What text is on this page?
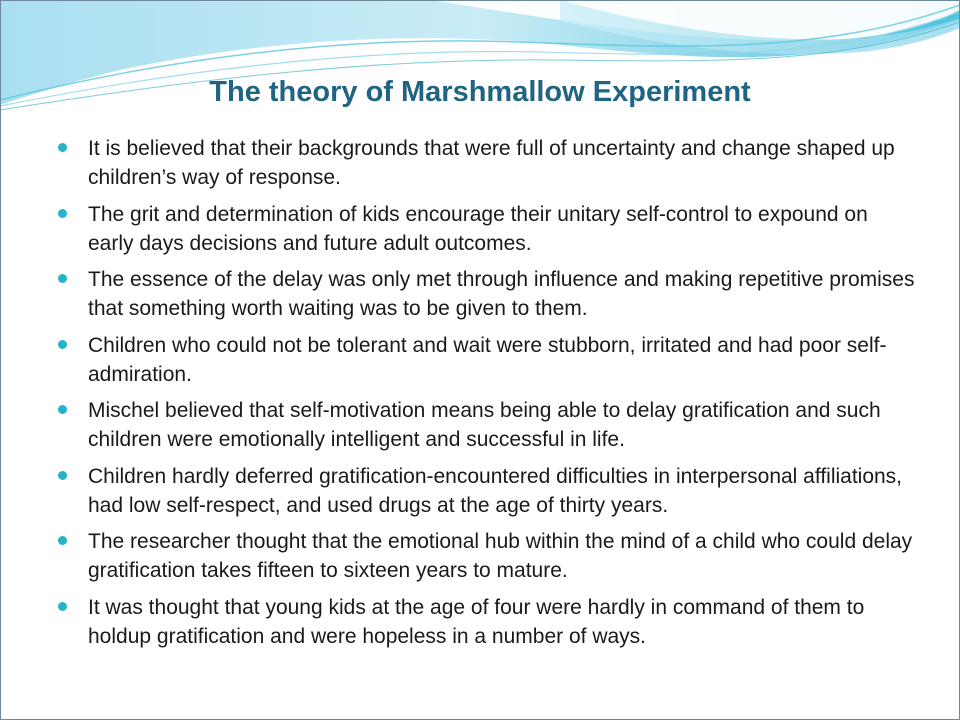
The theory of Marshmallow Experiment
It is believed that their backgrounds that were full of uncertainty and change shaped up children’s way of response.
The grit and determination of kids encourage their unitary self-control to expound on early days decisions and future adult outcomes.
The essence of the delay was only met through influence and making repetitive promises that something worth waiting was to be given to them.
Children who could not be tolerant and wait were stubborn, irritated and had poor self-admiration.
Mischel believed that self-motivation means being able to delay gratification and such children were emotionally intelligent and successful in life.
Children hardly deferred gratification-encountered difficulties in interpersonal affiliations, had low self-respect, and used drugs at the age of thirty years.
The researcher thought that the emotional hub within the mind of a child who could delay gratification takes fifteen to sixteen years to mature.
It was thought that young kids at the age of four were hardly in command of them to holdup gratification and were hopeless in a number of ways.
